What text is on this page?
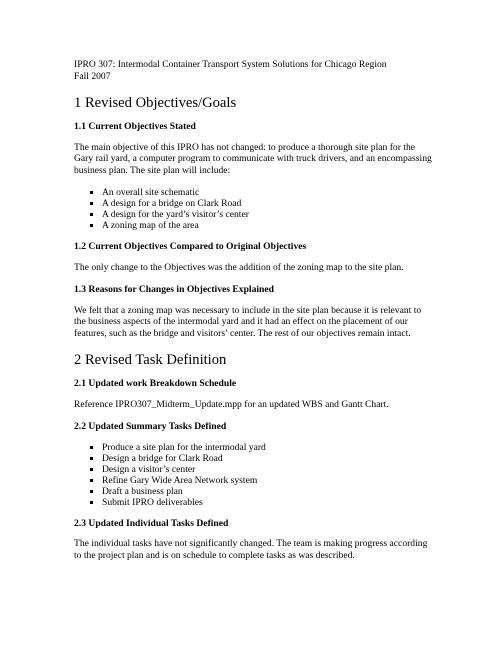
IPRO 307: Intermodal Container Transport System Solutions for Chicago Region
Fall 2007
1 Revised Objectives/Goals
1.1 Current Objectives Stated

The main objective of this IPRO has not changed: to produce a thorough site plan for the Gary rail yard, a computer program to communicate with truck drivers, and an encompassing business plan. The site plan will include:

An overall site schematic
A design for a bridge on Clark Road
A design for the yard’s visitor’s center
A zoning map of the area
1.2 Current Objectives Compared to Original Objectives

The only change to the Objectives was the addition of the zoning map to the site plan.

1.3 Reasons for Changes in Objectives Explained

We felt that a zoning map was necessary to include in the site plan because it is relevant to the business aspects of the intermodal yard and it had an effect on the placement of our features, such as the bridge and visitors’ center. The rest of our objectives remain intact.

2 Revised Task Definition
2.1 Updated work Breakdown Schedule

Reference IPRO307_Midterm_Update.mpp for an updated WBS and Gantt Chart.

2.2 Updated Summary Tasks Defined
Produce a site plan for the intermodal yard
Design a bridge for Clark Road
Design a visitor’s center
Refine Gary Wide Area Network system
Draft a business plan
Submit IPRO deliverables
2.3 Updated Individual Tasks Defined

The individual tasks have not significantly changed. The team is making progress according to the project plan and is on schedule to complete tasks as was described.
